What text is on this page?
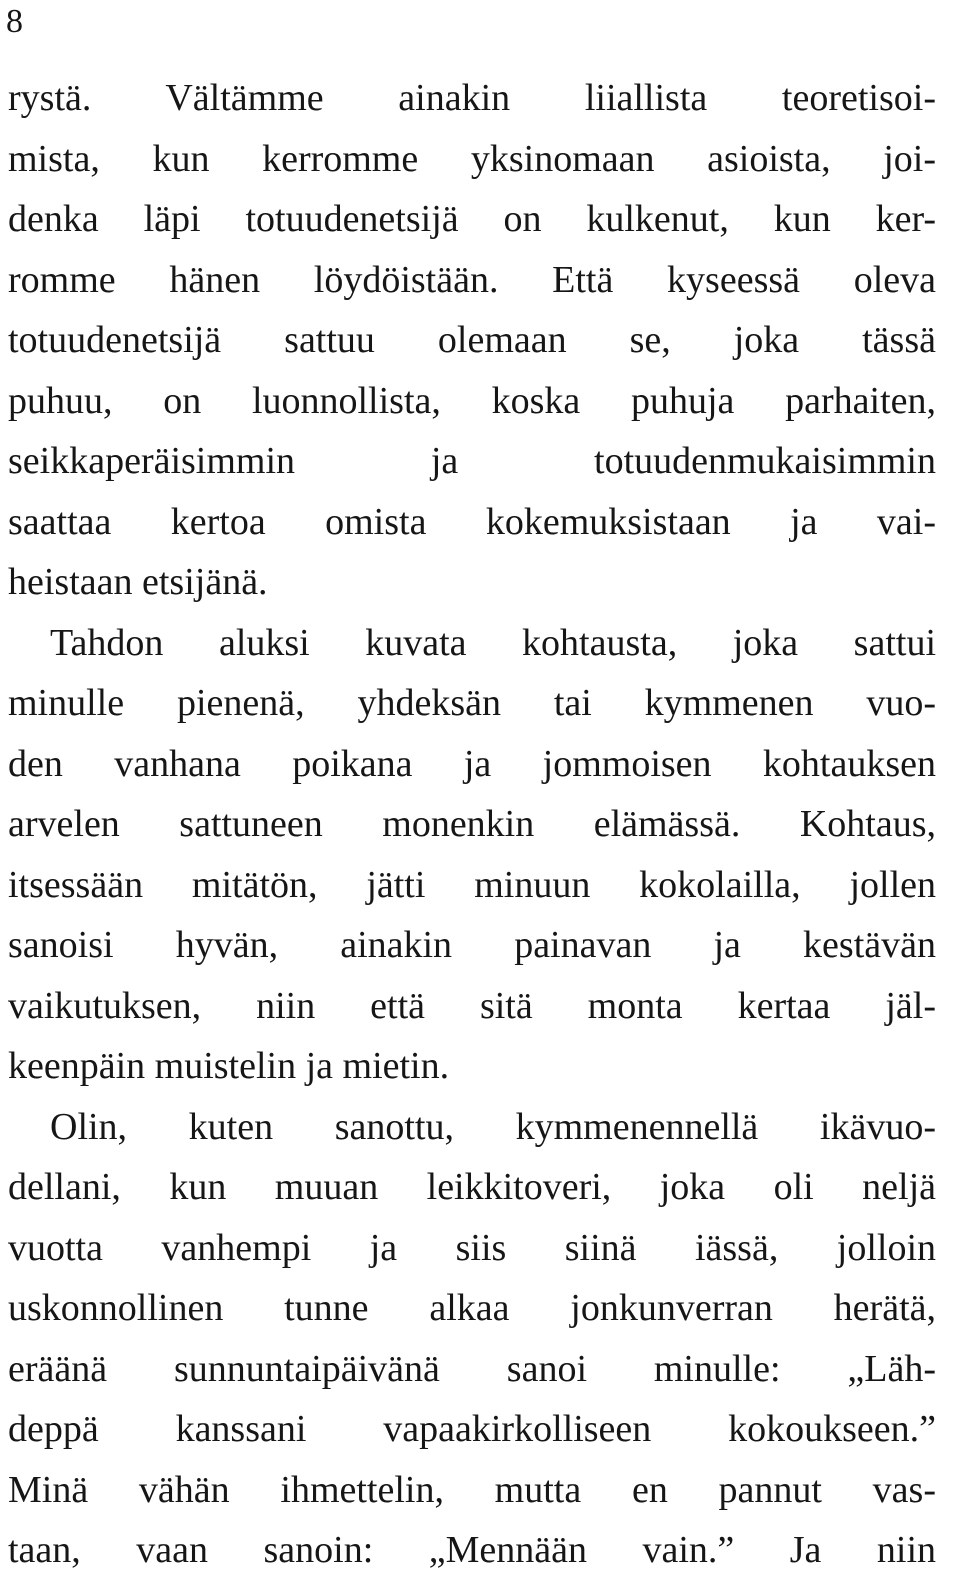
8
rystä. Vältämme ainakin liiallista teoretisoi-
mista, kun kerromme yksinomaan asioista, joi-
denka läpi totuudenetsijä on kulkenut, kun ker-
romme hänen löydöistään. Että kyseessä oleva
totuudenetsijä sattuu olemaan se, joka tässä
puhuu, on luonnollista, koska puhuja parhaiten,
seikkaperäisimmin ja totuudenmukaisimmin
saattaa kertoa omista kokemuksistaan ja vai-
heistaan etsijänä.
Tahdon aluksi kuvata kohtausta, joka sattui
minulle pienenä, yhdeksän tai kymmenen vuo-
den vanhana poikana ja jommoisen kohtauksen
arvelen sattuneen monenkin elämässä. Kohtaus,
itsessään mitätön, jätti minuun kokolailla, jollen
sanoisi hyvän, ainakin painavan ja kestävän
vaikutuksen, niin että sitä monta kertaa jäl-
keenpäin muistelin ja mietin.
Olin, kuten sanottu, kymmenennellä ikävuo-
dellani, kun muuan leikkitoveri, joka oli neljä
vuotta vanhempi ja siis siinä iässä, jolloin
uskonnollinen tunne alkaa jonkunverran herätä,
eräänä sunnuntaipäivänä sanoi minulle: „Läh-
deppä kanssani vapaakirkolliseen kokoukseen.”
Minä vähän ihmettelin, mutta en pannut vas-
taan, vaan sanoin: „Mennään vain.” Ja niin
